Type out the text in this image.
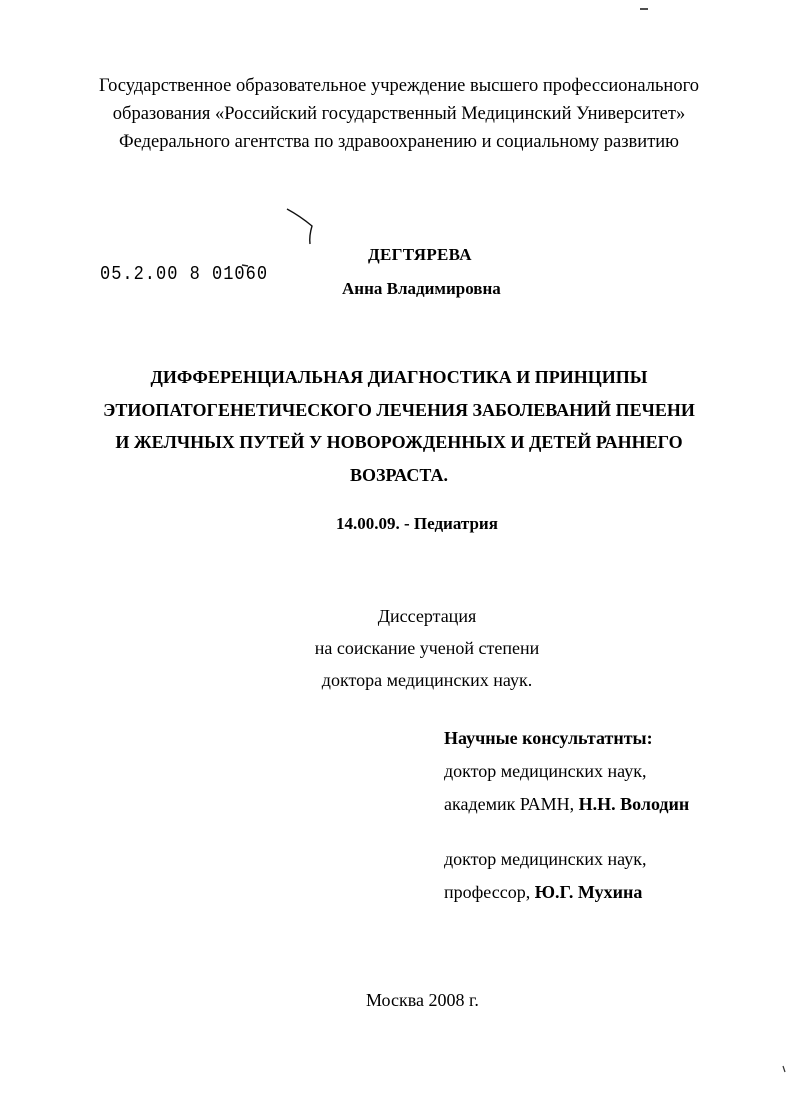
Государственное образовательное учреждение высшего профессионального
образования «Российский государственный Медицинский Университет»
Федерального агентства по здравоохранению и социальному развитию
05.2.00 8 01060
ДЕГТЯРЕВА
Анна Владимировна
ДИФФЕРЕНЦИАЛЬНАЯ ДИАГНОСТИКА И ПРИНЦИПЫ
ЭТИОПАТОГЕНЕТИЧЕСКОГО ЛЕЧЕНИЯ ЗАБОЛЕВАНИЙ ПЕЧЕНИ
И ЖЕЛЧНЫХ ПУТЕЙ У НОВОРОЖДЕННЫХ И ДЕТЕЙ РАННЕГО
ВОЗРАСТА.
14.00.09. - Педиатрия
Диссертация
на соискание ученой степени
доктора медицинских наук.
Научные консультатнты:
доктор медицинских наук,
академик РАМН, Н.Н. Володин
доктор медицинских наук,
профессор, Ю.Г. Мухина
Москва 2008 г.
